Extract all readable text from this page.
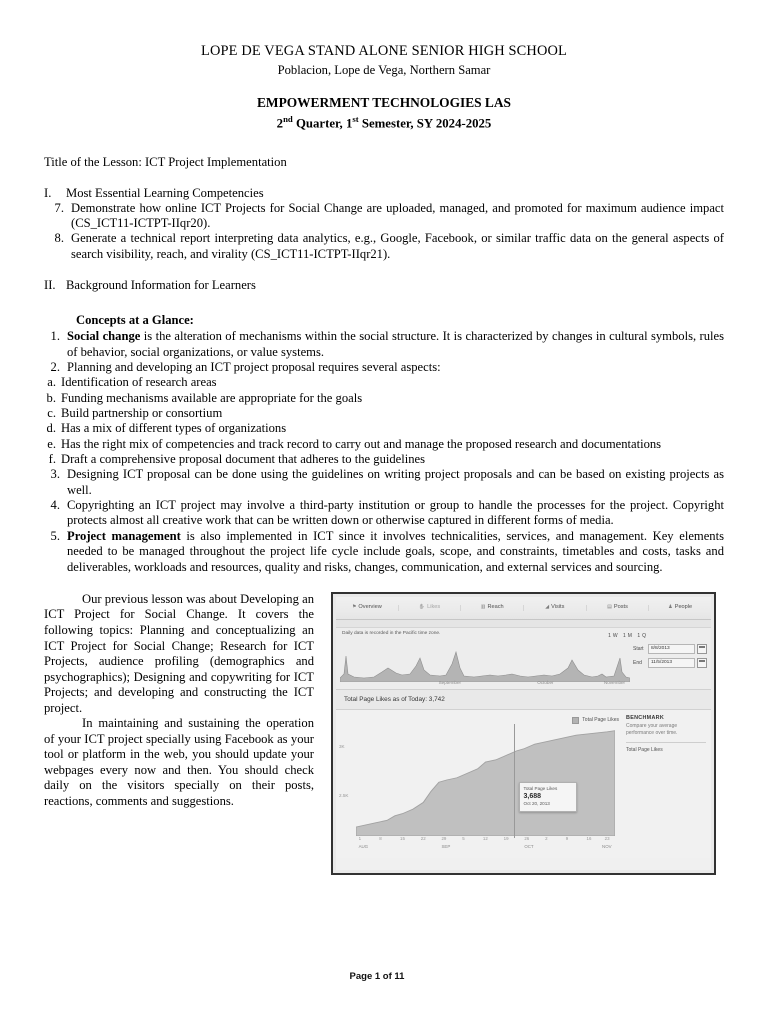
LOPE DE VEGA STAND ALONE SENIOR HIGH SCHOOL
Poblacion, Lope de Vega, Northern Samar
EMPOWERMENT TECHNOLOGIES LAS
2nd Quarter, 1st Semester, SY 2024-2025
Title of the Lesson: ICT Project Implementation
I.	Most Essential Learning Competencies
7. Demonstrate how online ICT Projects for Social Change are uploaded, managed, and promoted for maximum audience impact (CS_ICT11-ICTPT-IIqr20).
8. Generate a technical report interpreting data analytics, e.g., Google, Facebook, or similar traffic data on the general aspects of search visibility, reach, and virality (CS_ICT11-ICTPT-IIqr21).
II. Background Information for Learners
Concepts at a Glance:
1. Social change is the alteration of mechanisms within the social structure. It is characterized by changes in cultural symbols, rules of behavior, social organizations, or value systems.
2. Planning and developing an ICT project proposal requires several aspects:
a. Identification of research areas
b. Funding mechanisms available are appropriate for the goals
c. Build partnership or consortium
d. Has a mix of different types of organizations
e. Has the right mix of competencies and track record to carry out and manage the proposed research and documentations
f. Draft a comprehensive proposal document that adheres to the guidelines
3. Designing ICT proposal can be done using the guidelines on writing project proposals and can be based on existing projects as well.
4. Copyrighting an ICT project may involve a third-party institution or group to handle the processes for the project. Copyright protects almost all creative work that can be written down or otherwise captured in different forms of media.
5. Project management is also implemented in ICT since it involves technicalities, services, and management. Key elements needed to be managed throughout the project life cycle include goals, scope, and constraints, timetables and costs, tasks and deliverables, workloads and resources, quality and risks, changes, communication, and external services and sourcing.

Our previous lesson was about Developing an ICT Project for Social Change. It covers the following topics: Planning and conceptualizing an ICT Project for Social Change; Research for ICT Projects, audience profiling (demographics and psychographics); Designing and copywriting for ICT Projects; and developing and constructing the ICT project.

In maintaining and sustaining the operation of your ICT project specially using Facebook as your tool or platform in the web, you should update your webpages every now and then. You should check daily on the visitors specially on their posts, reactions, comments and suggestions.

⚑ Overview	✋ Likes	▥ Reach	◢ Visits	▤ Posts	♟ People
Daily data is recorded in the Pacific time zone.	1W 1M 1Q
September	October	November
Start	8/8/2013
End	11/5/2013
Total Page Likes as of Today: 3,742
Total Page Likes BENCHMARK
Compare your average performance over time.
Total Page Likes
3K
2.5K
Total Page Likes
3,688
Oct 20, 2013
1	8	15	22	29	5	12	19	26	2	9	16	23
AUG	SEP	OCT	NOV
Page 1 of 11
